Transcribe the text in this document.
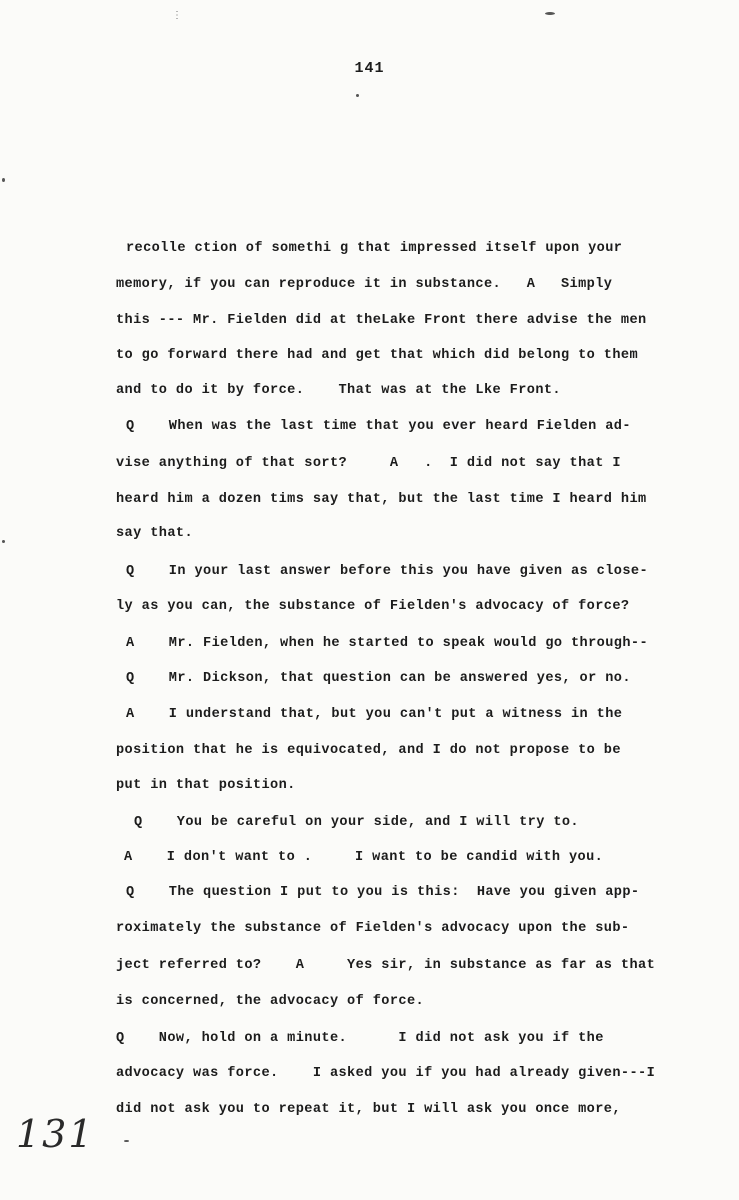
141
recolle ction of somethi g that impressed itself upon your
memory, if you can reproduce it in substance.   A   Simply
this --- Mr. Fielden did at theLake Front there advise the men
to go forward there had and get that which did belong to them
and to do it by force.    That was at the Lke Front.
Q    When was the last time that you ever heard Fielden ad-
vise anything of that sort?     A   .  I did not say that I
heard him a dozen tims say that, but the last time I heard him
say that.
Q    In your last answer before this you have given as close-
ly as you can, the substance of Fielden's advocacy of force?
A    Mr. Fielden, when he started to speak would go through--
Q    Mr. Dickson, that question can be answered yes, or no.
A    I understand that, but you can't put a witness in the
position that he is equivocated, and I do not propose to be
put in that position.
Q    You be careful on your side, and I will try to.
A    I don't want to .     I want to be candid with you.
Q    The question I put to you is this:  Have you given app-
roximately the substance of Fielden's advocacy upon the sub-
ject referred to?    A     Yes sir, in substance as far as that
is concerned, the advocacy of force.
Q    Now, hold on a minute.      I did not ask you if the
advocacy was force.    I asked you if you had already given---I
did not ask you to repeat it, but I will ask you once more,
131
⋮
